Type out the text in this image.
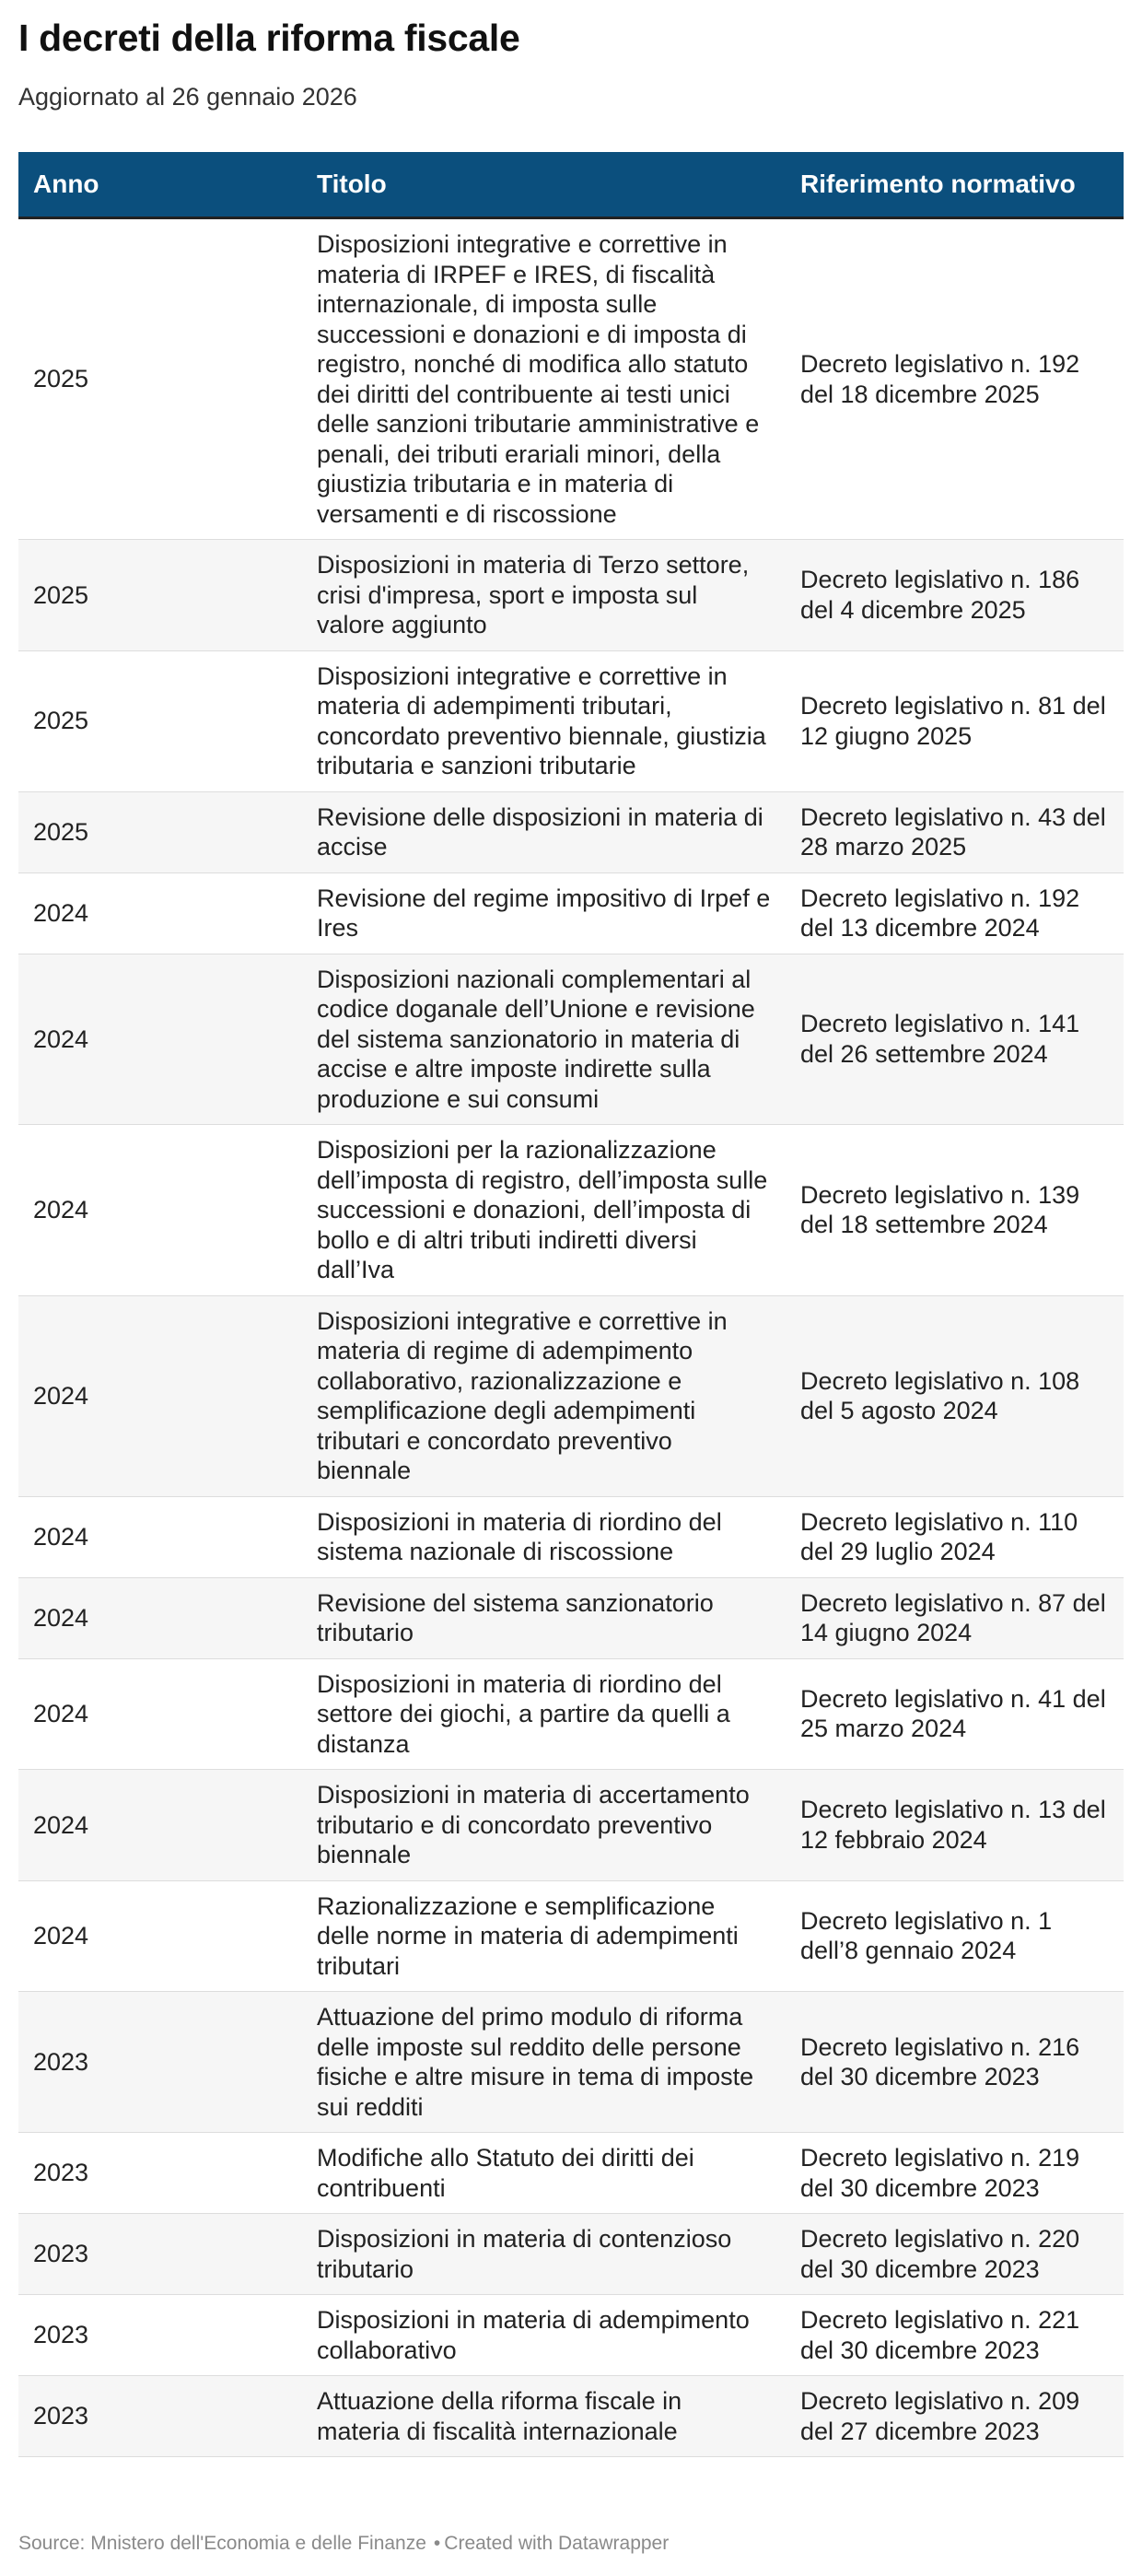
I decreti della riforma fiscale

Aggiornato al 26 gennaio 2026

Anno	Titolo	Riferimento normativo
2025	Disposizioni integrative e correttive in materia di IRPEF e IRES, di fiscalità internazionale, di imposta sulle successioni e donazioni e di imposta di registro, nonché di modifica allo statuto dei diritti del contribuente ai testi unici delle sanzioni tributarie amministrative e penali, dei tributi erariali minori, della giustizia tributaria e in materia di versamenti e di riscossione	Decreto legislativo n. 192 del 18 dicembre 2025
2025	Disposizioni in materia di Terzo settore, crisi d'impresa, sport e imposta sul valore aggiunto	Decreto legislativo n. 186 del 4 dicembre 2025
2025	Disposizioni integrative e correttive in materia di adempimenti tributari, concordato preventivo biennale, giustizia tributaria e sanzioni tributarie	Decreto legislativo n. 81 del 12 giugno 2025
2025	Revisione delle disposizioni in materia di accise	Decreto legislativo n. 43 del 28 marzo 2025
2024	Revisione del regime impositivo di Irpef e Ires	Decreto legislativo n. 192 del 13 dicembre 2024
2024	Disposizioni nazionali complementari al codice doganale dell’Unione e revisione del sistema sanzionatorio in materia di accise e altre imposte indirette sulla produzione e sui consumi	Decreto legislativo n. 141 del 26 settembre 2024
2024	Disposizioni per la razionalizzazione dell’imposta di registro, dell’imposta sulle successioni e donazioni, dell’imposta di bollo e di altri tributi indiretti diversi dall’Iva	Decreto legislativo n. 139 del 18 settembre 2024
2024	Disposizioni integrative e correttive in materia di regime di adempimento collaborativo, razionalizzazione e semplificazione degli adempimenti tributari e concordato preventivo biennale	Decreto legislativo n. 108 del 5 agosto 2024
2024	Disposizioni in materia di riordino del sistema nazionale di riscossione	Decreto legislativo n. 110 del 29 luglio 2024
2024	Revisione del sistema sanzionatorio tributario	Decreto legislativo n. 87 del 14 giugno 2024
2024	Disposizioni in materia di riordino del settore dei giochi, a partire da quelli a distanza	Decreto legislativo n. 41 del 25 marzo 2024
2024	Disposizioni in materia di accertamento tributario e di concordato preventivo biennale	Decreto legislativo n. 13 del 12 febbraio 2024
2024	Razionalizzazione e semplificazione delle norme in materia di adempimenti tributari	Decreto legislativo n. 1 dell’8 gennaio 2024
2023	Attuazione del primo modulo di riforma delle imposte sul reddito delle persone fisiche e altre misure in tema di imposte sui redditi	Decreto legislativo n. 216 del 30 dicembre 2023
2023	Modifiche allo Statuto dei diritti dei contribuenti	Decreto legislativo n. 219 del 30 dicembre 2023
2023	Disposizioni in materia di contenzioso tributario	Decreto legislativo n. 220 del 30 dicembre 2023
2023	Disposizioni in materia di adempimento collaborativo	Decreto legislativo n. 221 del 30 dicembre 2023
2023	Attuazione della riforma fiscale in materia di fiscalità internazionale	Decreto legislativo n. 209 del 27 dicembre 2023
Source: Mnistero dell'Economia e delle Finanze • Created with Datawrapper
